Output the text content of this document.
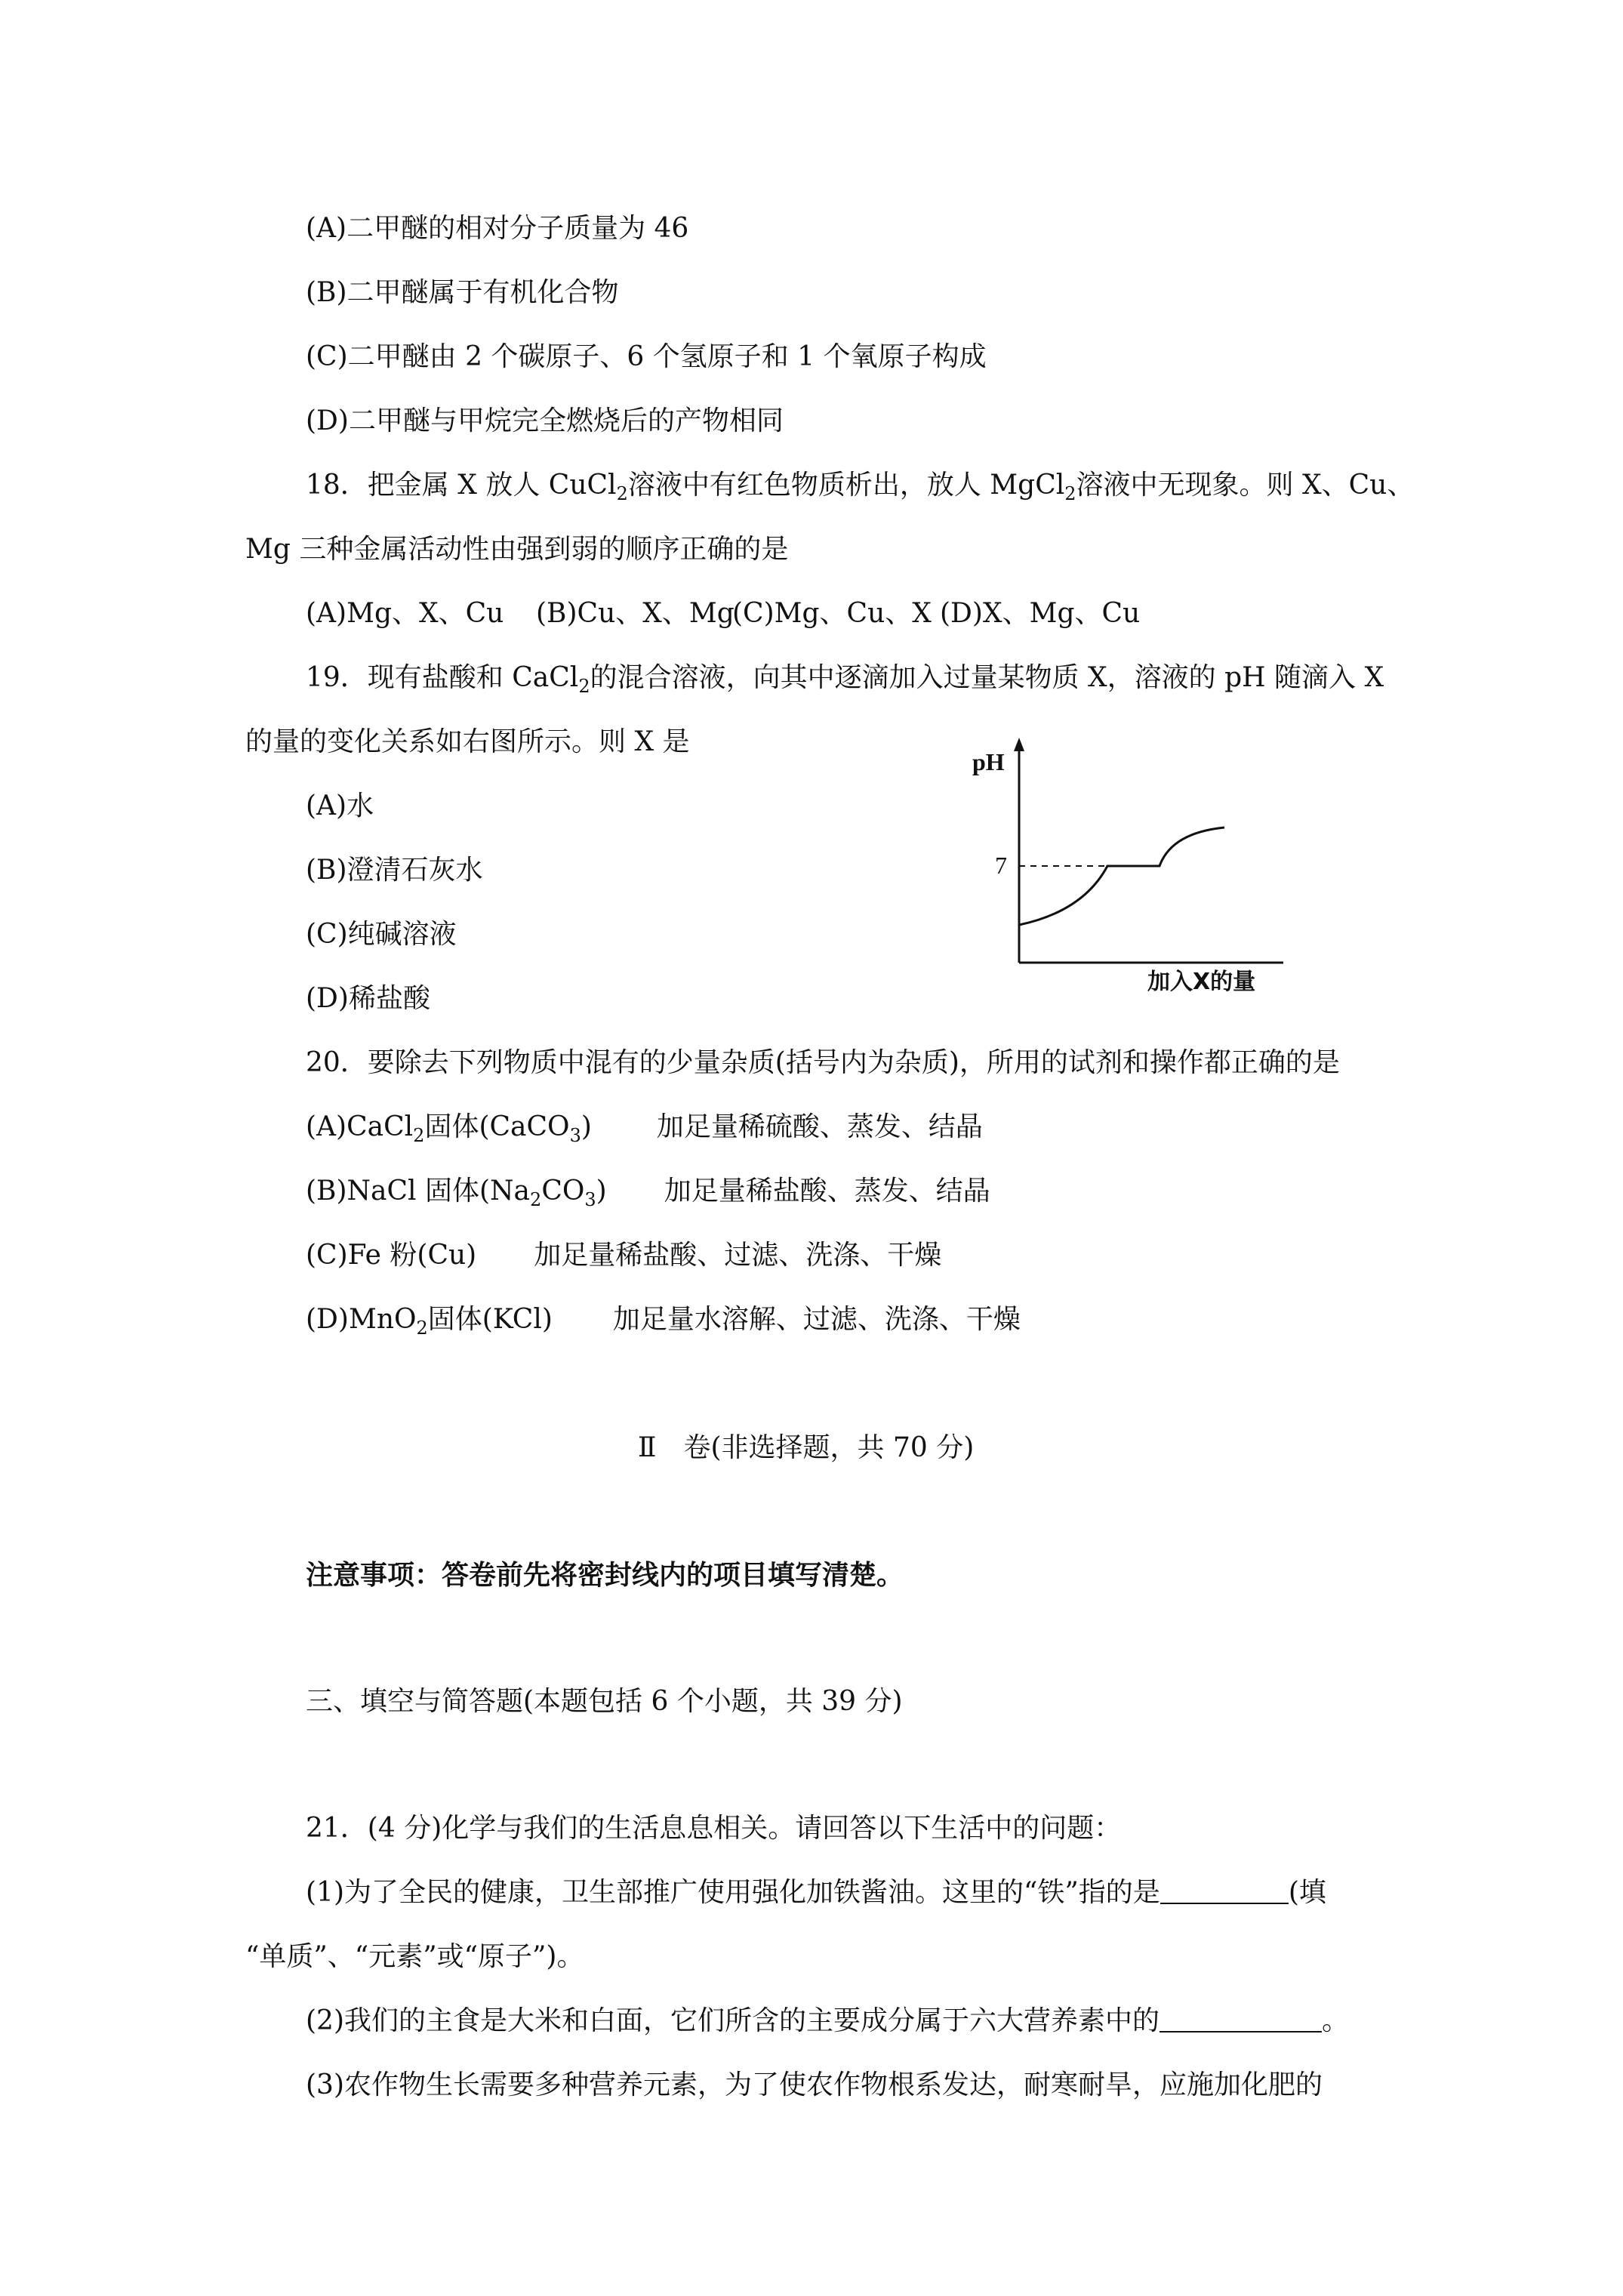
(A)二甲醚的相对分子质量为 46
(B)二甲醚属于有机化合物
(C)二甲醚由 2 个碳原子、6 个氢原子和 1 个氧原子构成
(D)二甲醚与甲烷完全燃烧后的产物相同
18．把金属 X 放人 CuCl$_2$溶液中有红色物质析出，放人 MgCl$_2$溶液中无现象。则 X、Cu、
Mg 三种金属活动性由强到弱的顺序正确的是
(A)Mg、X、Cu (B)Cu、X、Mg
(C)Mg、Cu、X (D)X、Mg、Cu
19．现有盐酸和 CaCl$_2$的混合溶液，向其中逐滴加入过量某物质 X，溶液的 pH 随滴入 X
的量的变化关系如右图所示。则 X 是
(A)水
(B)澄清石灰水
(C)纯碱溶液
(D)稀盐酸
pH
7
加入X的量
20．要除去下列物质中混有的少量杂质(括号内为杂质)，所用的试剂和操作都正确的是
(A)CaCl$_2$固体(CaCO$_3$) 加足量稀硫酸、蒸发、结晶
(B)NaCl 固体$(Na_2CO_3)$ 加足量稀盐酸、蒸发、结晶
(C)Fe 粉(Cu) 加足量稀盐酸、过滤、洗涤、干燥
(D)MnO$_2$固体(KCl) 加足量水溶解、过滤、洗涤、干燥
Ⅱ　卷(非选择题，共 70 分)
注意事项：答卷前先将密封线内的项目填写清楚。
三、填空与简答题(本题包括 6 个小题，共 39 分)
21．(4 分)化学与我们的生活息息相关。请回答以下生活中的问题：
(1)为了全民的健康，卫生部推广使用强化加铁酱油。这里的“铁”指的是	(填
“单质”、“元素”或“原子”)。
(2)我们的主食是大米和白面，它们所含的主要成分属于六大营养素中的	。
(3)农作物生长需要多种营养元素，为了使农作物根系发达，耐寒耐旱，应施加化肥的
